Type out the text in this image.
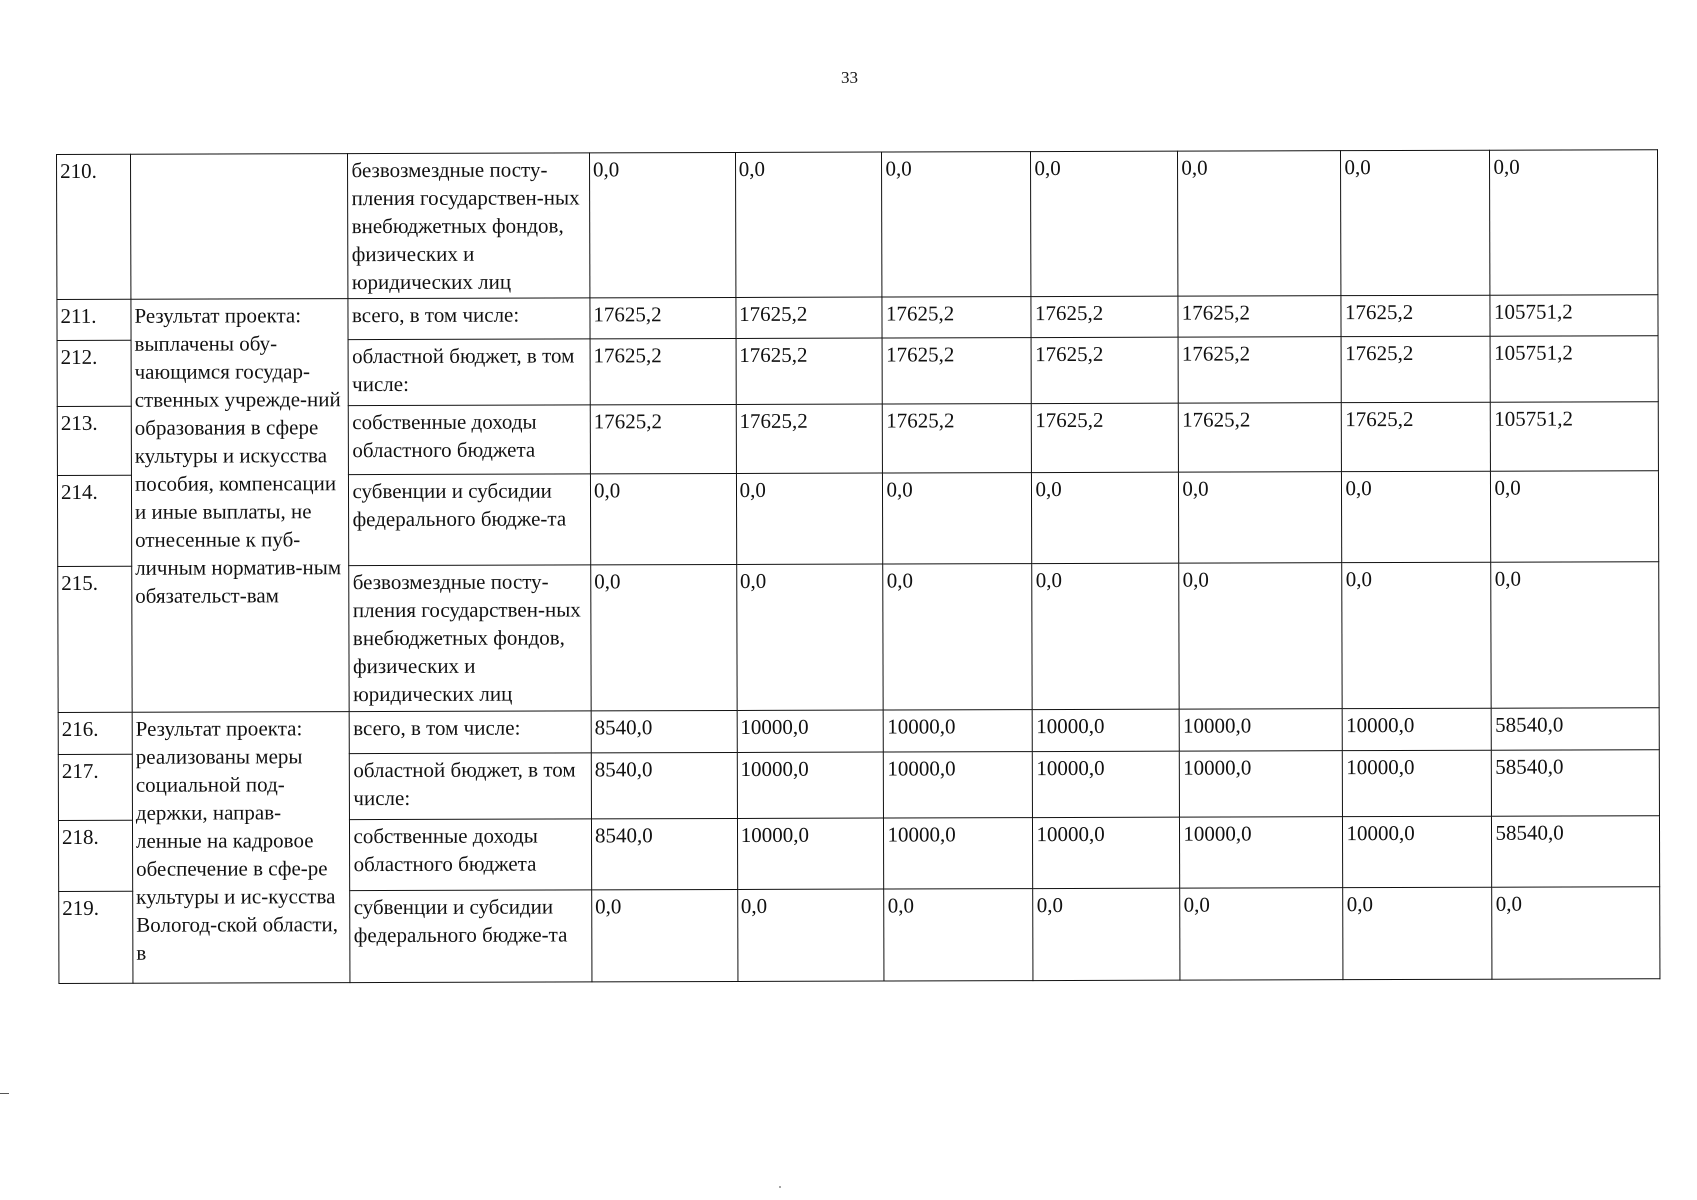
33
210.		безвозмездные посту-пления государствен-ных внебюджетных фондов, физических и юридических лиц	0,0	0,0	0,0	0,0	0,0	0,0	0,0
211.	Результат проекта: выплачены обу-чающимся государ-ственных учрежде-ний образования в сфере культуры и искусства пособия, компенсации и иные выплаты, не отнесенные к пуб-личным норматив-ным обязательст-вам	всего, в том числе:	17625,2	17625,2	17625,2	17625,2	17625,2	17625,2	105751,2
212.		областной бюджет, в том числе:	17625,2	17625,2	17625,2	17625,2	17625,2	17625,2	105751,2
213.		собственные доходы областного бюджета	17625,2	17625,2	17625,2	17625,2	17625,2	17625,2	105751,2
214.		субвенции и субсидии федерального бюдже-та	0,0	0,0	0,0	0,0	0,0	0,0	0,0
215.		безвозмездные посту-пления государствен-ных внебюджетных фондов, физических и юридических лиц	0,0	0,0	0,0	0,0	0,0	0,0	0,0
216.	Результат проекта: реализованы меры социальной под-держки, направ-ленные на кадровое обеспечение в сфе-ре культуры и ис-кусства Вологод-ской области, в	всего, в том числе:	8540,0	10000,0	10000,0	10000,0	10000,0	10000,0	58540,0
217.		областной бюджет, в том числе:	8540,0	10000,0	10000,0	10000,0	10000,0	10000,0	58540,0
218.		собственные доходы областного бюджета	8540,0	10000,0	10000,0	10000,0	10000,0	10000,0	58540,0
219.		субвенции и субсидии федерального бюдже-та	0,0	0,0	0,0	0,0	0,0	0,0	0,0
